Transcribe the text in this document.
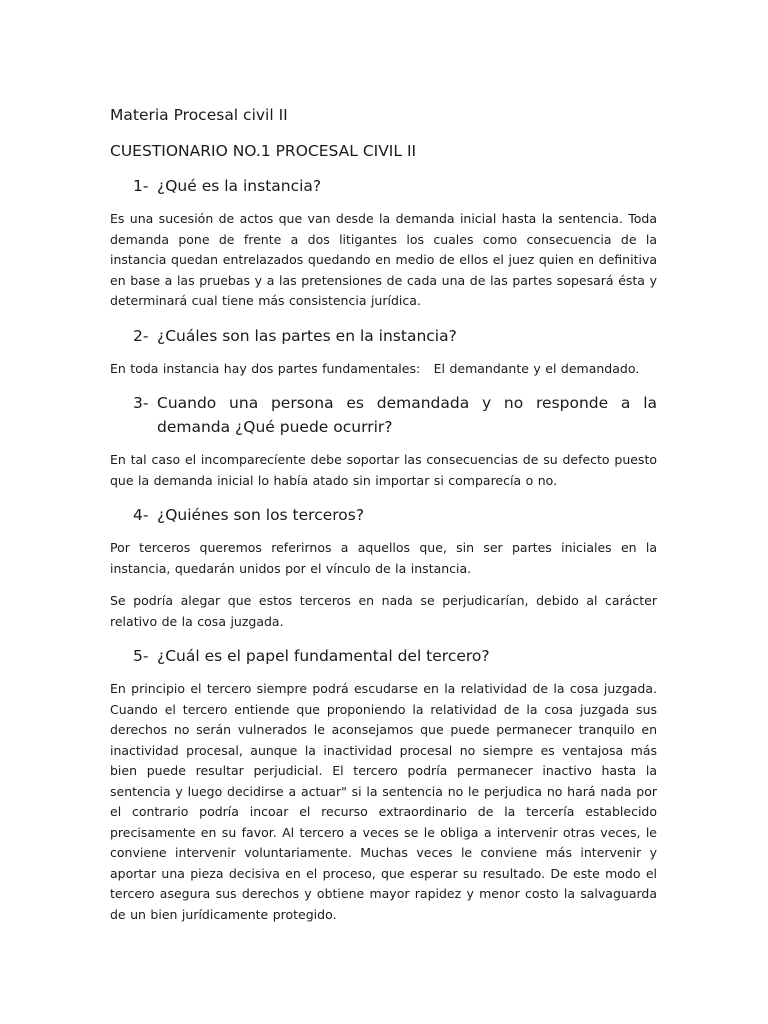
Materia Procesal civil II
CUESTIONARIO NO.1 PROCESAL CIVIL II
1- ¿Qué es la instancia?

Es una sucesión de actos que van desde la demanda inicial hasta la sentencia. Toda demanda pone de frente a dos litigantes los cuales como consecuencia de la instancia quedan entrelazados quedando en medio de ellos el juez quien en definitiva en base a las pruebas y a las pretensiones de cada una de las partes sopesará ésta y determinará cual tiene más consistencia jurídica.

2- ¿Cuáles son las partes en la instancia?

En toda instancia hay dos partes fundamentales:   El demandante y el demandado.

3- Cuando una persona es demandada y no responde a la demanda ¿Qué puede ocurrir?

En tal caso el incomparecíente debe soportar las consecuencias de su defecto puesto que la demanda inicial lo había atado sin importar si comparecía o no.

4- ¿Quiénes son los terceros?

Por terceros queremos referirnos a aquellos que, sin ser partes iniciales en la instancia, quedarán unidos por el vínculo de la instancia.

Se podría alegar que estos terceros en nada se perjudicarían, debido al carácter relativo de la cosa juzgada.

5- ¿Cuál es el papel fundamental del tercero?

En principio el tercero siempre podrá escudarse en la relatividad de la cosa juzgada. Cuando el tercero entiende que proponiendo la relatividad de la cosa juzgada sus derechos no serán vulnerados le aconsejamos que puede permanecer tranquilo en inactividad procesal, aunque la inactividad procesal no siempre es ventajosa más bien puede resultar perjudicial. El tercero podría permanecer inactivo hasta la sentencia y luego decidirse a actuar" si la sentencia no le perjudica no hará nada por el contrario podría incoar el recurso extraordinario de la tercería establecido precisamente en su favor. Al tercero a veces se le obliga a intervenir otras veces, le conviene intervenir voluntariamente. Muchas veces le conviene más intervenir y aportar una pieza decisiva en el proceso, que esperar su resultado. De este modo el tercero asegura sus derechos y obtiene mayor rapidez y menor costo la salvaguarda de un bien jurídicamente protegido.
